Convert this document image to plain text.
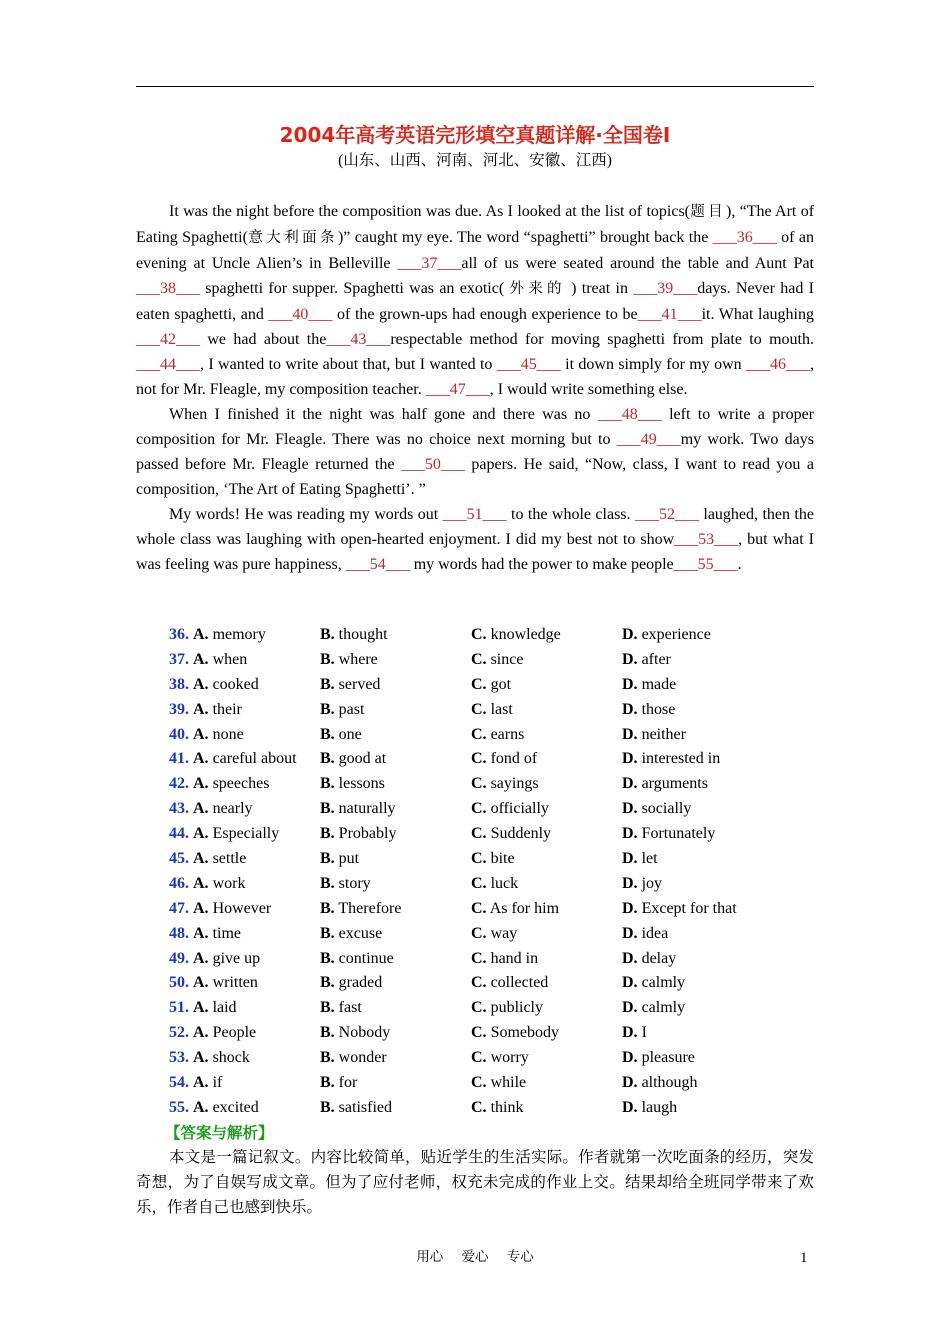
2004年高考英语完形填空真题详解·全国卷Ⅰ
(山东、山西、河南、河北、安徽、江西)

It was the night before the composition was due. As I looked at the list of topics(题目), “The Art of Eating Spaghetti(意大利面条)” caught my eye. The word “spaghetti” brought back the ___36___ of an evening at Uncle Alien’s in Belleville ___37___all of us were seated around the table and Aunt Pat ___38___ spaghetti for supper. Spaghetti was an exotic( 外来的 ) treat in ___39___days. Never had I eaten spaghetti, and ___40___ of the grown-ups had enough experience to be___41___it. What laughing ___42___ we had about the___43___respectable method for moving spaghetti from plate to mouth. ___44___, I wanted to write about that, but I wanted to ___45___ it down simply for my own ___46___, not for Mr. Fleagle, my composition teacher. ___47___, I would write something else.

When I finished it the night was half gone and there was no ___48___ left to write a proper composition for Mr. Fleagle. There was no choice next morning but to ___49___my work. Two days passed before Mr. Fleagle returned the ___50___ papers. He said, “Now, class, I want to read you a composition, ‘The Art of Eating Spaghetti’. ”

My words! He was reading my words out ___51___ to the whole class. ___52___ laughed, then the whole class was laughing with open-hearted enjoyment. I did my best not to show___53___, but what I was feeling was pure happiness, ___54___ my words had the power to make people___55___.

36. A. memory	B. thought	C. knowledge	D. experience
37. A. when	B. where	C. since	D. after
38. A. cooked	B. served	C. got	D. made
39. A. their	B. past	C. last	D. those
40. A. none	B. one	C. earns	D. neither
41. A. careful about B. good at	C. fond of	D. interested in
42. A. speeches	B. lessons	C. sayings	D. arguments
43. A. nearly	B. naturally	C. officially	D. socially
44. A. Especially	B. Probably	C. Suddenly	D. Fortunately
45. A. settle	B. put	C. bite	D. let
46. A. work	B. story	C. luck	D. joy
47. A. However	B. Therefore	C. As for him	D. Except for that
48. A. time	B. excuse	C. way	D. idea
49. A. give up	B. continue	C. hand in	D. delay
50. A. written	B. graded	C. collected	D. calmly
51. A. laid	B. fast	C. publicly	D. calmly
52. A. People	B. Nobody	C. Somebody	D. I
53. A. shock	B. wonder	C. worry	D. pleasure
54. A. if	B. for	C. while	D. although
55. A. excited	B. satisfied	C. think	D. laugh
【答案与解析】
本文是一篇记叙文。内容比较简单，贴近学生的生活实际。作者就第一次吃面条的经历，突发奇想，为了自娱写成文章。但为了应付老师，权充未完成的作业上交。结果却给全班同学带来了欢乐，作者自己也感到快乐。
用心 爱心 专心	1
